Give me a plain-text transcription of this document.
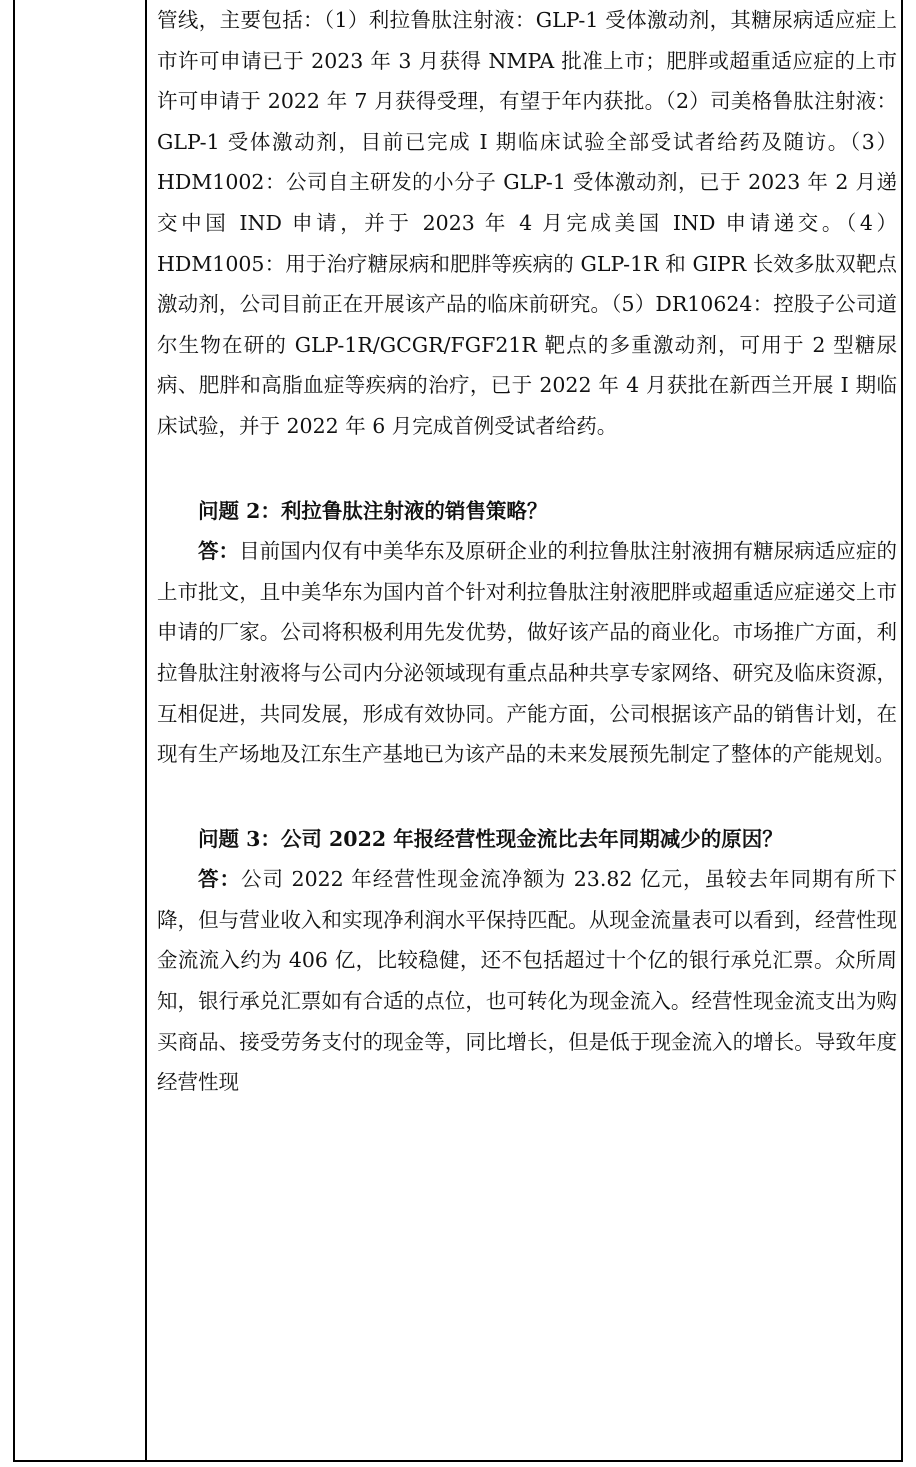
管线，主要包括：（1）利拉鲁肽注射液：GLP-1 受体激动剂，其糖尿病适应症上市许可申请已于 2023 年 3 月获得 NMPA 批准上市；肥胖或超重适应症的上市许可申请于 2022 年 7 月获得受理，有望于年内获批。（2）司美格鲁肽注射液：GLP-1 受体激动剂，目前已完成 I 期临床试验全部受试者给药及随访。（3）HDM1002：公司自主研发的小分子 GLP-1 受体激动剂，已于 2023 年 2 月递交中国 IND 申请，并于 2023 年 4 月完成美国 IND 申请递交。（4）HDM1005：用于治疗糖尿病和肥胖等疾病的 GLP-1R 和 GIPR 长效多肽双靶点激动剂，公司目前正在开展该产品的临床前研究。（5）DR10624：控股子公司道尔生物在研的 GLP-1R/GCGR/FGF21R 靶点的多重激动剂，可用于 2 型糖尿病、肥胖和高脂血症等疾病的治疗，已于 2022 年 4 月获批在新西兰开展 I 期临床试验，并于 2022 年 6 月完成首例受试者给药。

问题 2：利拉鲁肽注射液的销售策略？

答：目前国内仅有中美华东及原研企业的利拉鲁肽注射液拥有糖尿病适应症的上市批文，且中美华东为国内首个针对利拉鲁肽注射液肥胖或超重适应症递交上市申请的厂家。公司将积极利用先发优势，做好该产品的商业化。市场推广方面，利拉鲁肽注射液将与公司内分泌领域现有重点品种共享专家网络、研究及临床资源，互相促进，共同发展，形成有效协同。产能方面，公司根据该产品的销售计划，在现有生产场地及江东生产基地已为该产品的未来发展预先制定了整体的产能规划。

问题 3：公司 2022 年报经营性现金流比去年同期减少的原因？

答：公司 2022 年经营性现金流净额为 23.82 亿元，虽较去年同期有所下降，但与营业收入和实现净利润水平保持匹配。从现金流量表可以看到，经营性现金流流入约为 406 亿，比较稳健，还不包括超过十个亿的银行承兑汇票。众所周知，银行承兑汇票如有合适的点位，也可转化为现金流入。经营性现金流支出为购买商品、接受劳务支付的现金等，同比增长，但是低于现金流入的增长。导致年度经营性现
